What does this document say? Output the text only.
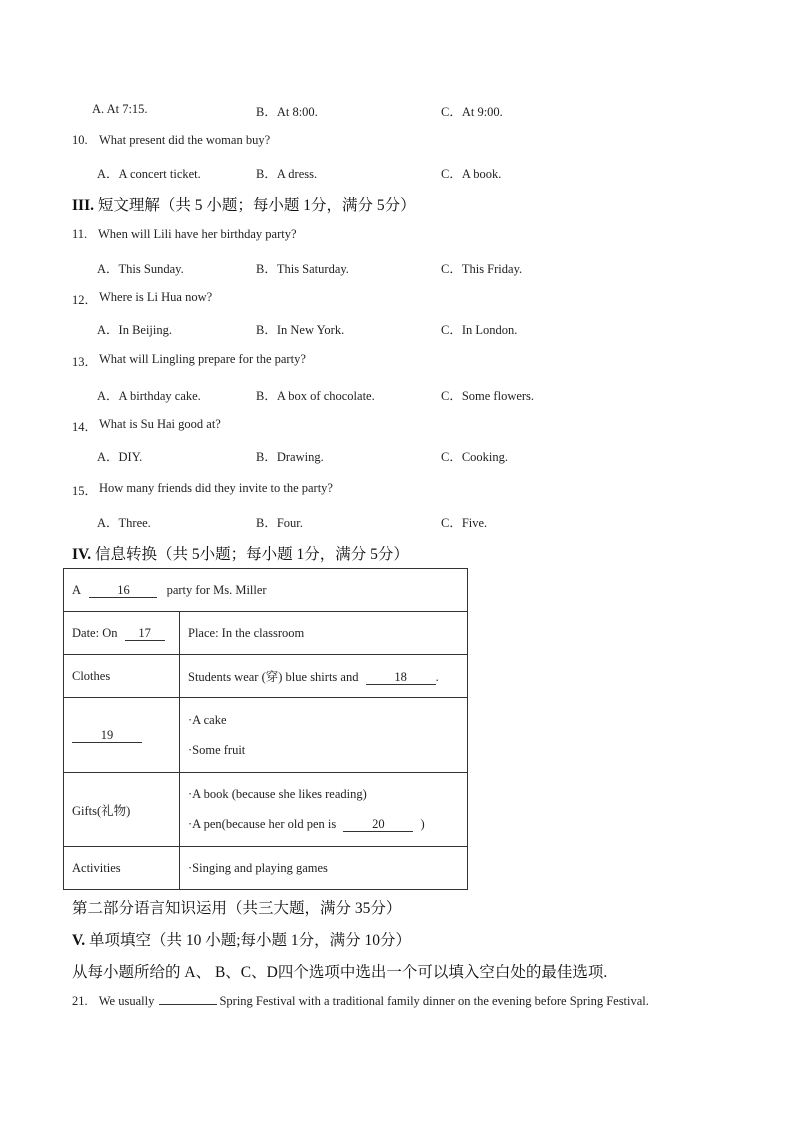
A. At 7:15.	B．At 8:00.	C．At 9:00.
10. What present did the woman buy?
A．A concert ticket.	B．A dress.	C．A book.
III. 短文理解（共 5 小题；每小题 1分，满分 5分）
11. When will Lili have her birthday party?
A．This Sunday.	B．This Saturday.	C．This Friday.
12． Where is Li Hua now?
A．In Beijing.	B．In New York.	C．In London.
13． What will Lingling prepare for the party?
A．A birthday cake.	B．A box of chocolate.	C．Some flowers.
14． What is Su Hai good at?
A．DIY.	B．Drawing.	C．Cooking.
15． How many friends did they invite to the party?
A．Three.	B．Four.	C．Five.
IV. 信息转换（共 5小题；每小题 1分，满分 5分）
A 16 party for Ms. Miller	
Date: On 17	Place: In the classroom
Clothes	Students wear (穿) blue shirts and 18 .
19	·A cake
·Some fruit

Gifts(礼物)	·A book (because she likes reading)
·A pen(because her old pen is 20 )

Activities	·Singing and playing games
第二部分语言知识运用（共三大题，满分 35分）
V. 单项填空（共 10 小题;每小题 1分，满分 10分）
从每小题所给的 A、 B、C、D四个选项中选出一个可以填入空白处的最佳选项.
21. We usually	Spring Festival with a traditional family dinner on the evening before Spring Festival.
